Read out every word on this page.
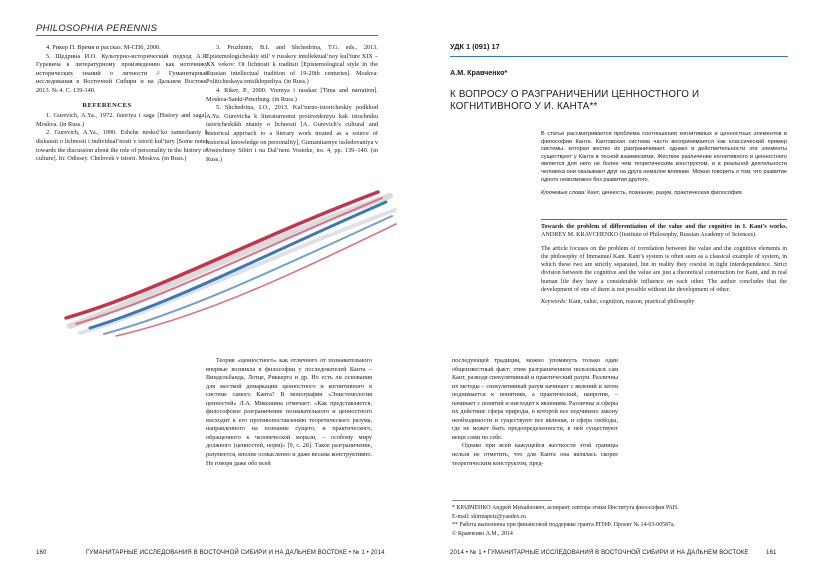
PHILOSOPHIA PERENNIS

4. Рикер П. Время и рассказ. М-СПб, 2000.

5. Щедрина И.О. Культурно-исторический подход А.Я. Гуревича к литературному произведению как источнику исторических знаний о личности // Гуманитарные исследования в Восточной Сибири и на Дальнем Востоке. 2013. № 4. С. 139-140.

REFERENCES

1. Gurevich, A.Ya., 1972. Istoriya i saga [History and saga]. Moskva. (in Russ.)

2. Gurevich, A.Ya., 1990. Eshche neskol’ko zamechaniy k diskussii o lichnosti i individual’nosti v istorii kul’tury [Some notes towards the discussion about the role of personality in the history of culture]. In: Odissey. Chelovek v istorii. Moskva. (in Russ.)

3. Pruzhinin, B.I. and Shchedrina, T.G. eds., 2013. Epistemologicheskiy stil’ v russkoy intellektual’noy kul’ture XIX – XX vekov: Ot lichnosti k traditsii [Epistemological style in the Russian intellectual tradition of 19-20th centuries]. Moskva: Politicheskaya entsiklopediya. (in Russ.)

4. Riker, P., 2000. Vremya i rasskaz [Tima and narration]. Moskva-Sankt-Peterburg. (in Russ.)

5. Shchedrina, I.O., 2013. Kul’turno-istoricheskiy podkhod A.Ya. Gurevicha k literaturnomu proizvedeniyu kak istochniku istoricheskikh znaniy o lichnosti [A. Gurevich’s cultural and historical approach to a literary work treated as a source of historical knowledge on personality], Gumanitarnye issledovaniya v Vostochnoy Sibiri i na Dal’nem Vostoke, no. 4, pp. 139–140. (in Russ.)

Теория «ценностного» как отличного от познавательного впервые возникла в философии у последователей Канта – Виндельбанда, Лотце, Риккерта и др. Но есть ли основания для жесткой демаркации ценностного и когнитивного в системе самого Канта? В монографии «Эпистемология ценностей» Л.А. Микешина отмечает: «Как представляется, философское разграничение познавательного и ценностного восходит к его противопоставлению теоретического разума, направленного на познание сущего, и практического, обращенного к человеческой морали, – особому миру должного (ценностей, норм)» [9, с. 28]. Такое разграничение, разумеется, вполне осмысленно и даже весьма конструктивно. Не говоря даже обо всей

160	ГУМАНИТАРНЫЕ ИССЛЕДОВАНИЯ В ВОСТОЧНОЙ СИБИРИ И НА ДАЛЬНЕМ ВОСТОКЕ • № 1 • 2014
УДК 1 (091) 17
А.М. Кравченко*
К ВОПРОСУ О РАЗГРАНИЧЕНИИ ЦЕННОСТНОГО И КОГНИТИВНОГО У И. КАНТА**

В статье рассматривается проблема соотношения когнитивных и ценностных элементов в философии Канта. Кантовская система часто воспринимается как классический пример системы, которая жестко их разграничивает, однако в действительности эти элементы существуют у Канта в тесной взаимосвязи. Жесткое различение когнитивного и ценностного является для него не более чем теоретическим конструктом, и в реальной деятельности человека они оказывают друг на друга немалое влияние. Можно говорить о том, что развитие одного невозможно без развития другого.

Ключевые слова: Кант, ценность, познание, разум, практическая философия.

Towards the problem of differentiation of the value and the cognitive in I. Kant’s works. ANDREY M. KRAVCHENKO (Institute of Philosophy, Russian Academy of Sciences).

The article focuses on the problem of correlation between the value and the cognitive elements in the philosophy of Immanuel Kant. Kant’s system is often seen as a classical example of system, in which these two are strictly separated, but in reality they coexist in tight interdependence. Strict division between the cognitive and the value are just a theoretical construction for Kant, and in real human life they have a considerable influence on each other. The author concludes that the development of one of them is not possible without the development of other.

Keywords: Kant, value, cognition, reason, practical philosophy

последующей традиции, можно упомянуть только один общеизвестный факт: этим разграничением пользовался сам Кант, разводя спекулятивный и практический разум. Различны их методы – спекулятивный разум начинает с явлений и затем поднимается к понятиям, а практический, напротив, – начинает с понятий и нисходит к явлениям. Различны и сферы их действия: сфера природы, в которой все подчинено закону необходимости и существуют все явления, и сфера свободы, где не может быть предопределенности, в ней существуют вещи сами по себе.

Однако при всей кажущейся жесткости этой границы нельзя не отметить, что для Канта она являлась скорее теоретическим конструктом, пред-

* КРАВЧЕНКО Андрей Михайлович, аспирант сектора этики Института философии РАН.
E-mail: shirmapetz@yandex.ru
** Работа выполнена при финансовой поддержке гранта РГНФ. Проект № 14-03-00587а.
© Кравченко А.М., 2014
2014 • № 1 • ГУМАНИТАРНЫЕ ИССЛЕДОВАНИЯ В ВОСТОЧНОЙ СИБИРИ И НА ДАЛЬНЕМ ВОСТОКЕ	161
